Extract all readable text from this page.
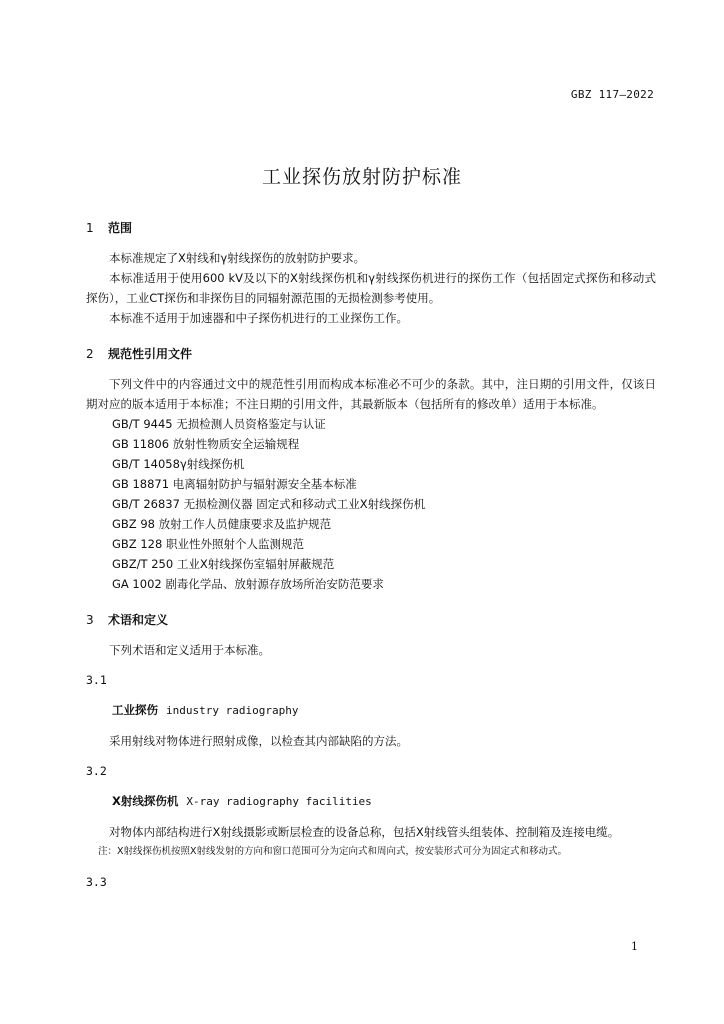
GBZ 117—2022
工业探伤放射防护标准
1 范围
本标准规定了X射线和γ射线探伤的放射防护要求。
本标准适用于使用600 kV及以下的X射线探伤机和γ射线探伤机进行的探伤工作（包括固定式探伤和移动式探伤），工业CT探伤和非探伤目的同辐射源范围的无损检测参考使用。
本标准不适用于加速器和中子探伤机进行的工业探伤工作。
2 规范性引用文件
下列文件中的内容通过文中的规范性引用而构成本标准必不可少的条款。其中，注日期的引用文件，仅该日期对应的版本适用于本标准；不注日期的引用文件，其最新版本（包括所有的修改单）适用于本标准。
GB/T 9445 无损检测人员资格鉴定与认证
GB 11806 放射性物质安全运输规程
GB/T 14058γ射线探伤机
GB 18871 电离辐射防护与辐射源安全基本标准
GB/T 26837 无损检测仪器 固定式和移动式工业X射线探伤机
GBZ 98 放射工作人员健康要求及监护规范
GBZ 128 职业性外照射个人监测规范
GBZ/T 250 工业X射线探伤室辐射屏蔽规范
GA 1002 剧毒化学品、放射源存放场所治安防范要求
3 术语和定义
下列术语和定义适用于本标准。
3.1
工业探伤 industry radiography
采用射线对物体进行照射成像，以检查其内部缺陷的方法。
3.2
X射线探伤机 X-ray radiography facilities
对物体内部结构进行X射线摄影或断层检查的设备总称，包括X射线管头组装体、控制箱及连接电缆。
注：X射线探伤机按照X射线发射的方向和窗口范围可分为定向式和周向式，按安装形式可分为固定式和移动式。
3.3
1
